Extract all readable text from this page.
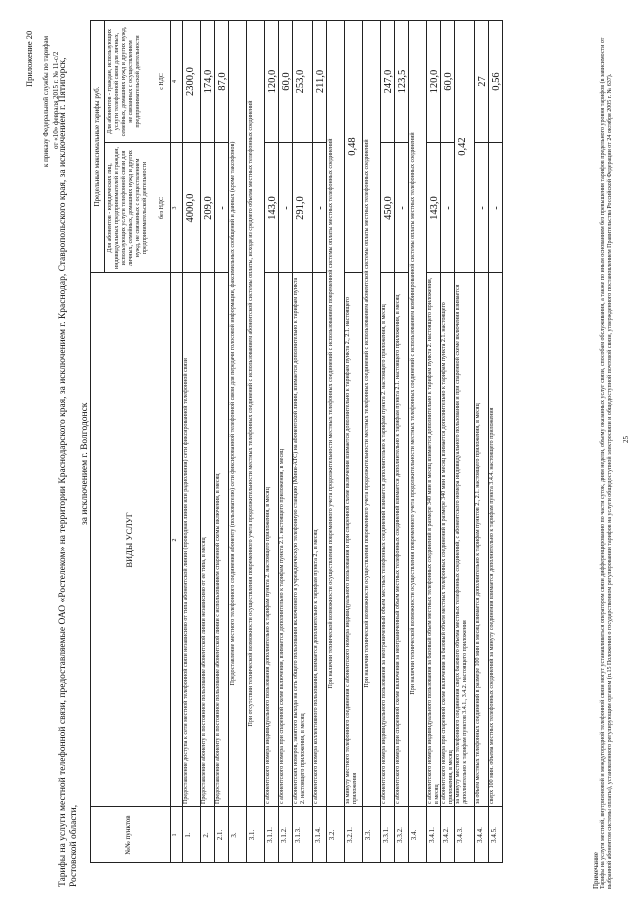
Приложение 20 к приказу Федеральной службы по тарифам от «10» февраля 2015 г. № 11-с/2
Тарифы на услуги местной телефонной связи, предоставляемые ОАО «Ростелеком» на территории Краснодарского края, за исключением г. Краснодар, Ставропольского края, за исключением г. Пятигорск, Ростовской области,
за исключением г. Волгодонск
№№ пунктов
ВИДЫ УСЛУГ
Предельные максимальные тарифы руб.
Для абонентов - юридических лиц, индивидуальных предпринимателей и граждан, использующих услуги телефонной связи для личных, семейных, домашних нужд и других нужд, не связанных с осуществлением предпринимательской деятельности без НДС
Для абонентов - граждан, использующих услуги телефонной связи для личных, семейных, домашних нужд и других нужд, не связанных с осуществлением предпринимательской деятельности	с НДС
1
2
3
4
1.
Предоставление доступа к сети местной телефонной связи независимо от типа абонентской линии (проводная линия или радиолиния) сети фиксированной телефонной связи
4000,0
2300,0
2.
Предоставление абоненту в постоянное пользование абонентской линии независимо от ее типа, в месяц
209,0
174,0
2.1.
Предоставление абоненту в постоянное пользование абонентской линии с использованием спаренной схемы включения, в месяц
-
87,0
3.
Предоставление местного телефонного соединения абоненту (пользователю) сети фиксированной телефонной связи для передачи голосовой информации, факсимильных сообщений и данных (кроме таксофонов)
3.1.
При отсутствии технической возможности осуществления повременного учета продолжительности местных телефонных соединений с использованием абонентской системы оплаты, исходя из среднего объема местных телефонных соединений
3.1.1.
с абонентского номера индивидуального пользования дополнительно к тарифам пункта 2. настоящего приложения, в месяц
143,0
120,0
3.1.2.
с абонентского номера при спаренной схеме включения, взимается дополнительно к тарифам пункта 2.1. настоящего приложения, в месяц
-
60,0
3.1.3.
с абонентских номеров, занятого выхода на сеть общего пользования включенного в учрежденческую телефонную станцию (Мини-АТС) на абонентской линии, взимается дополнительно к тарифам пункта 2. настоящего приложения, в месяц
291,0
253,0
3.1.4.
с абонентского номера коллективного пользования, взимается дополнительно к тарифам пункта 2., в месяц
-
211,0
3.2.
При наличии технической возможности осуществления повременного учета продолжительности местных телефонных соединений с использованием повременной системы оплаты местных телефонных соединений
3.2.1.
за минуту местного телефонного соединения с абонентского номера индивидуального пользования и при спаренной схеме включения взимается дополнительно к тарифам пункта 2., 2.1. настоящего приложения
0,48
3.3.
При наличии технической возможности осуществления повременного учета продолжительности местных телефонных соединений с использованием абонентской системы оплаты местных телефонных соединений
3.3.1.
с абонентского номера индивидуального пользования за неограниченный объем местных телефонных соединений взимается дополнительно к тарифам пункта 2. настоящего приложения, в месяц
450,0
247,0
3.3.2.
с абонентского номера при спаренной схеме включения за неограниченный объем местных телефонных соединений взимается дополнительно к тарифам пункта 2.1. настоящего приложения, в месяц
-
123,5
3.4.
При наличии технической возможности осуществления повременного учета продолжительности местных телефонных соединений с использованием комбинированной системы оплаты местных телефонных соединений
3.4.1.
с абонентского номера индивидуального пользования за базовый объем местных телефонных соединений в размере 340 мин в месяц взимается дополнительно к тарифам пункта 2. настоящего приложения, в месяц
143,0
120,0
3.4.2.
с абонентского номера при спаренной схеме включения за базовый объем местных телефонных соединений в размере 340 мин в месяц взимается дополнительно к тарифам пункта 2.1. настоящего приложения, в месяц
-
60,0
3.4.3.
за минуту местного телефонного соединения сверх базового объема местных телефонных соединений, с абонентского номера индивидуального пользования и при спаренной схеме включения взимается дополнительно к тарифам пунктов 3.4.1., 3.4.2. настоящего приложения
0,42
3.4.4.
за объем местных телефонных соединений в размере 100 мин в месяц взимается дополнительно к тарифам пунктов 2., 2.1. настоящего приложения, в месяц
-
27
3.4.5.
сверх 100 мин. объема местных телефонных соединений за минуту соединения взимается дополнительно к тарифам пункта 3.4.4. настоящего приложения
-
0,56
Примечание Тарифы на услуги местной, внутризоновой и междугородной телефонной связи могут устанавливаться оператором связи дифференцированно по части суток, дням недели, объему оказанных услуг связи, способам обслуживания, а также по иным основаниям без превышения тарифов предельного уровня тарифов (в зависимости от выбранной абонентом системы оплаты), установленного регулирующим органом (п.15 Положения о государственном регулировании тарифов на услуги общедоступной электросвязи и общедоступной почтовой связи, утвержденного постановлением Правительства Российской Федерации от 24 октября 2005 г. № 637). 25
